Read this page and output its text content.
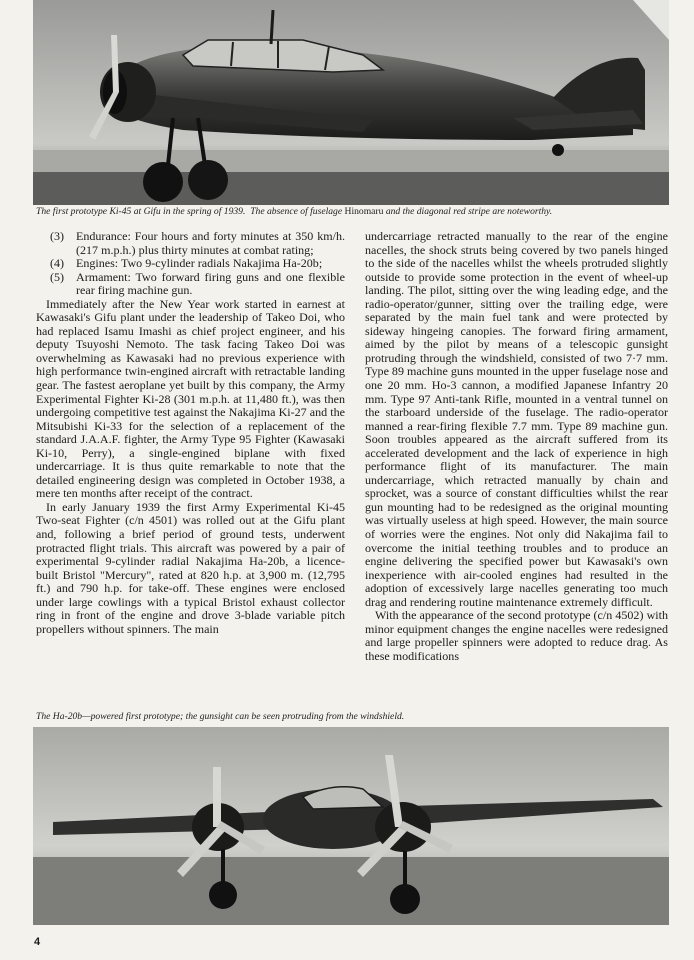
The first prototype Ki-45 at Gifu in the spring of 1939. The absence of fuselage Hinomaru and the diagonal red stripe are noteworthy.

(3) Endurance: Four hours and forty minutes at 350 km/h. (217 m.p.h.) plus thirty minutes at combat rating;

(4) Engines: Two 9-cylinder radials Nakajima Ha-20b;

(5) Armament: Two forward firing guns and one flexible rear firing machine gun.

Immediately after the New Year work started in earnest at Kawasaki's Gifu plant under the leadership of Takeo Doi, who had replaced Isamu Imashi as chief project engineer, and his deputy Tsuyoshi Nemoto. The task facing Takeo Doi was overwhelming as Kawasaki had no previous experience with high performance twin-engined aircraft with retractable landing gear. The fastest aeroplane yet built by this company, the Army Experimental Fighter Ki-28 (301 m.p.h. at 11,480 ft.), was then undergoing competitive test against the Nakajima Ki-27 and the Mitsubishi Ki-33 for the selection of a replacement of the standard J.A.A.F. fighter, the Army Type 95 Fighter (Kawasaki Ki-10, Perry), a single-engined biplane with fixed undercarriage. It is thus quite remarkable to note that the detailed engineering design was completed in October 1938, a mere ten months after receipt of the contract.

In early January 1939 the first Army Experimental Ki-45 Two-seat Fighter (c/n 4501) was rolled out at the Gifu plant and, following a brief period of ground tests, underwent protracted flight trials. This aircraft was powered by a pair of experimental 9-cylinder radial Nakajima Ha-20b, a licence-built Bristol "Mercury", rated at 820 h.p. at 3,900 m. (12,795 ft.) and 790 h.p. for take-off. These engines were enclosed under large cowlings with a typical Bristol exhaust collector ring in front of the engine and drove 3-blade variable pitch propellers without spinners. The main

undercarriage retracted manually to the rear of the engine nacelles, the shock struts being covered by two panels hinged to the side of the nacelles whilst the wheels protruded slightly outside to provide some protection in the event of wheel-up landing. The pilot, sitting over the wing leading edge, and the radio-operator/gunner, sitting over the trailing edge, were separated by the main fuel tank and were protected by sideway hingeing canopies. The forward firing armament, aimed by the pilot by means of a telescopic gunsight protruding through the windshield, consisted of two 7·7 mm. Type 89 machine guns mounted in the upper fuselage nose and one 20 mm. Ho-3 cannon, a modified Japanese Infantry 20 mm. Type 97 Anti-tank Rifle, mounted in a ventral tunnel on the starboard underside of the fuselage. The radio-operator manned a rear-firing flexible 7.7 mm. Type 89 machine gun. Soon troubles appeared as the aircraft suffered from its accelerated development and the lack of experience in high performance flight of its manufacturer. The main undercarriage, which retracted manually by chain and sprocket, was a source of constant difficulties whilst the rear gun mounting had to be redesigned as the original mounting was virtually useless at high speed. However, the main source of worries were the engines. Not only did Nakajima fail to overcome the initial teething troubles and to produce an engine delivering the specified power but Kawasaki's own inexperience with air-cooled engines had resulted in the adoption of excessively large nacelles generating too much drag and rendering routine maintenance extremely difficult.

With the appearance of the second prototype (c/n 4502) with minor equipment changes the engine nacelles were redesigned and large propeller spinners were adopted to reduce drag. As these modifications

The Ha-20b—powered first prototype; the gunsight can be seen protruding from the windshield.
4
